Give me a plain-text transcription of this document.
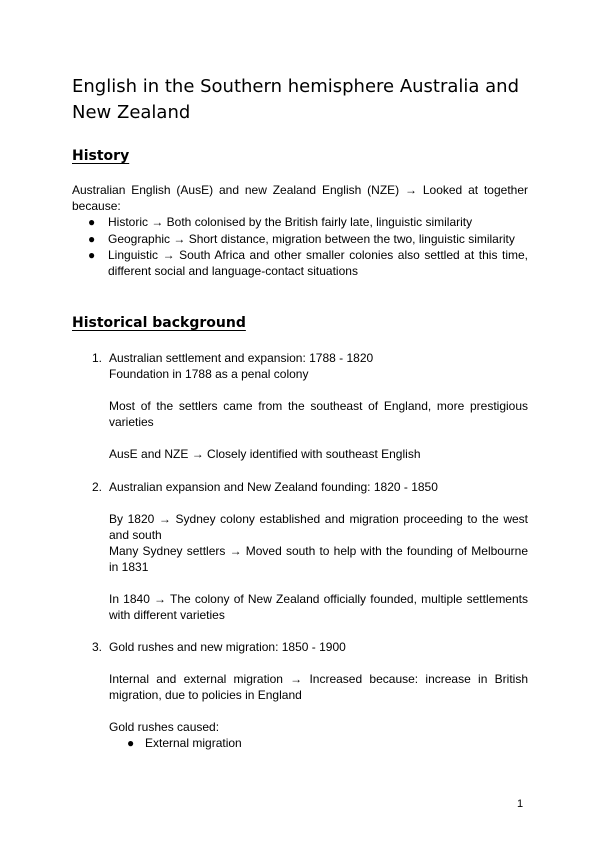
English in the Southern hemisphere Australia and New Zealand
History
Australian English (AusE) and new Zealand English (NZE) → Looked at together because:
● Historic → Both colonised by the British fairly late, linguistic similarity
● Geographic → Short distance, migration between the two, linguistic similarity
● Linguistic → South Africa and other smaller colonies also settled at this time, different social and language-contact situations
Historical background
1. Australian settlement and expansion: 1788 - 1820
Foundation in 1788 as a penal colony
Most of the settlers came from the southeast of England, more prestigious varieties
AusE and NZE → Closely identified with southeast English
2. Australian expansion and New Zealand founding: 1820 - 1850
By 1820 → Sydney colony established and migration proceeding to the west and south
Many Sydney settlers → Moved south to help with the founding of Melbourne in 1831
In 1840 → The colony of New Zealand officially founded, multiple settlements with different varieties
3. Gold rushes and new migration: 1850 - 1900
Internal and external migration → Increased because: increase in British migration, due to policies in England
Gold rushes caused:
● External migration
1
